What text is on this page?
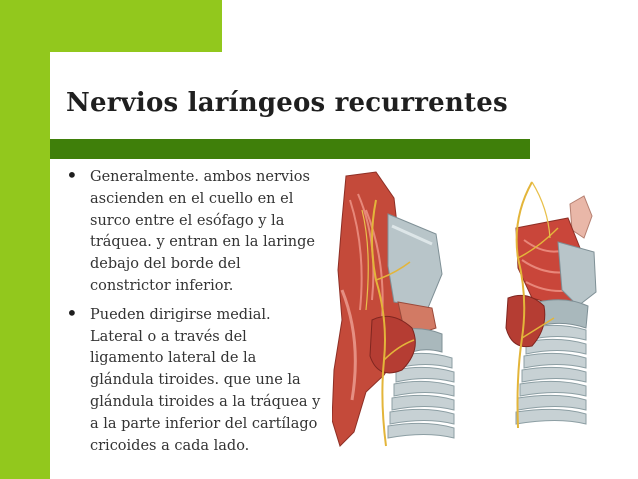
Nervios laríngeos recurrentes
• Generalmente. ambos nervios ascienden en el cuello en el surco entre el esófago y la tráquea. y entran en la laringe debajo del borde del constrictor inferior.
• Pueden dirigirse medial. Lateral o a través del ligamento lateral de la glándula tiroides. que une la glándula tiroides a la tráquea y a la parte inferior del cartílago cricoides a cada lado.
